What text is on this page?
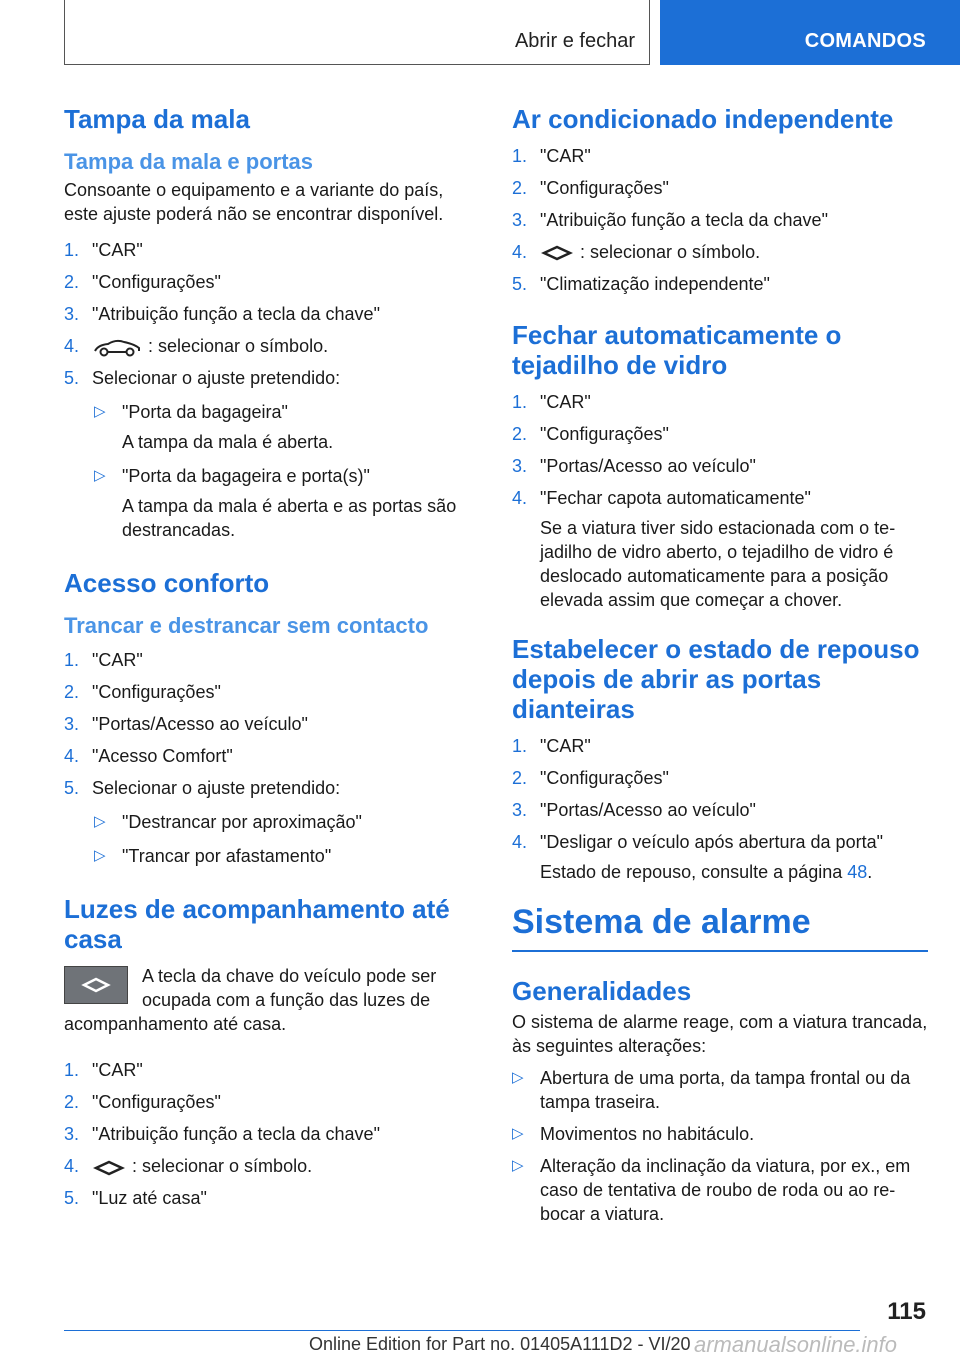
Abrir e fechar	COMANDOS
Tampa da mala
Tampa da mala e portas

Consoante o equipamento e a variante do país, este ajuste poderá não se encontrar disponível.

1. "CAR"
2. "Configurações"
3. "Atribuição função a tecla da chave"
4.	: selecionar o símbolo.
5. Selecionar o ajuste pretendido:
▷ "Porta da bagageira"
A tampa da mala é aberta.
▷ "Porta da bagageira e porta(s)"
A tampa da mala é aberta e as portas são destrancadas.
Acesso conforto
Trancar e destrancar sem contacto
1. "CAR"
2. "Configurações"
3. "Portas/Acesso ao veículo"
4. "Acesso Comfort"
5. Selecionar o ajuste pretendido:
▷ "Destrancar por aproximação"
▷ "Trancar por afastamento"
Luzes de acompanhamento até casa
A tecla da chave do veículo pode ser ocupada com a função das luzes de acompanhamento até casa.
1. "CAR"
2. "Configurações"
3. "Atribuição função a tecla da chave"
4.	: selecionar o símbolo.
5. "Luz até casa"
Ar condicionado independente
1. "CAR"
2. "Configurações"
3. "Atribuição função a tecla da chave"
4.	: selecionar o símbolo.
5. "Climatização independente"
Fechar automaticamente o tejadilho de vidro
1. "CAR"
2. "Configurações"
3. "Portas/Acesso ao veículo"
4. "Fechar capota automaticamente"
Se a viatura tiver sido estacionada com o tejadilho de vidro aberto, o tejadilho de vidro é deslocado automaticamente para a posição elevada assim que começar a chover.
Estabelecer o estado de repouso depois de abrir as portas dianteiras
1. "CAR"
2. "Configurações"
3. "Portas/Acesso ao veículo"
4. "Desligar o veículo após abertura da porta"
Estado de repouso, consulte a página 48.
Sistema de alarme
Generalidades

O sistema de alarme reage, com a viatura trancada, às seguintes alterações:

▷ Abertura de uma porta, da tampa frontal ou da tampa traseira.
▷ Movimentos no habitáculo.
▷ Alteração da inclinação da viatura, por ex., em caso de tentativa de roubo de roda ou ao rebocar a viatura.
115
Online Edition for Part no. 01405A111D2 - VI/20 armanualsonline.info
